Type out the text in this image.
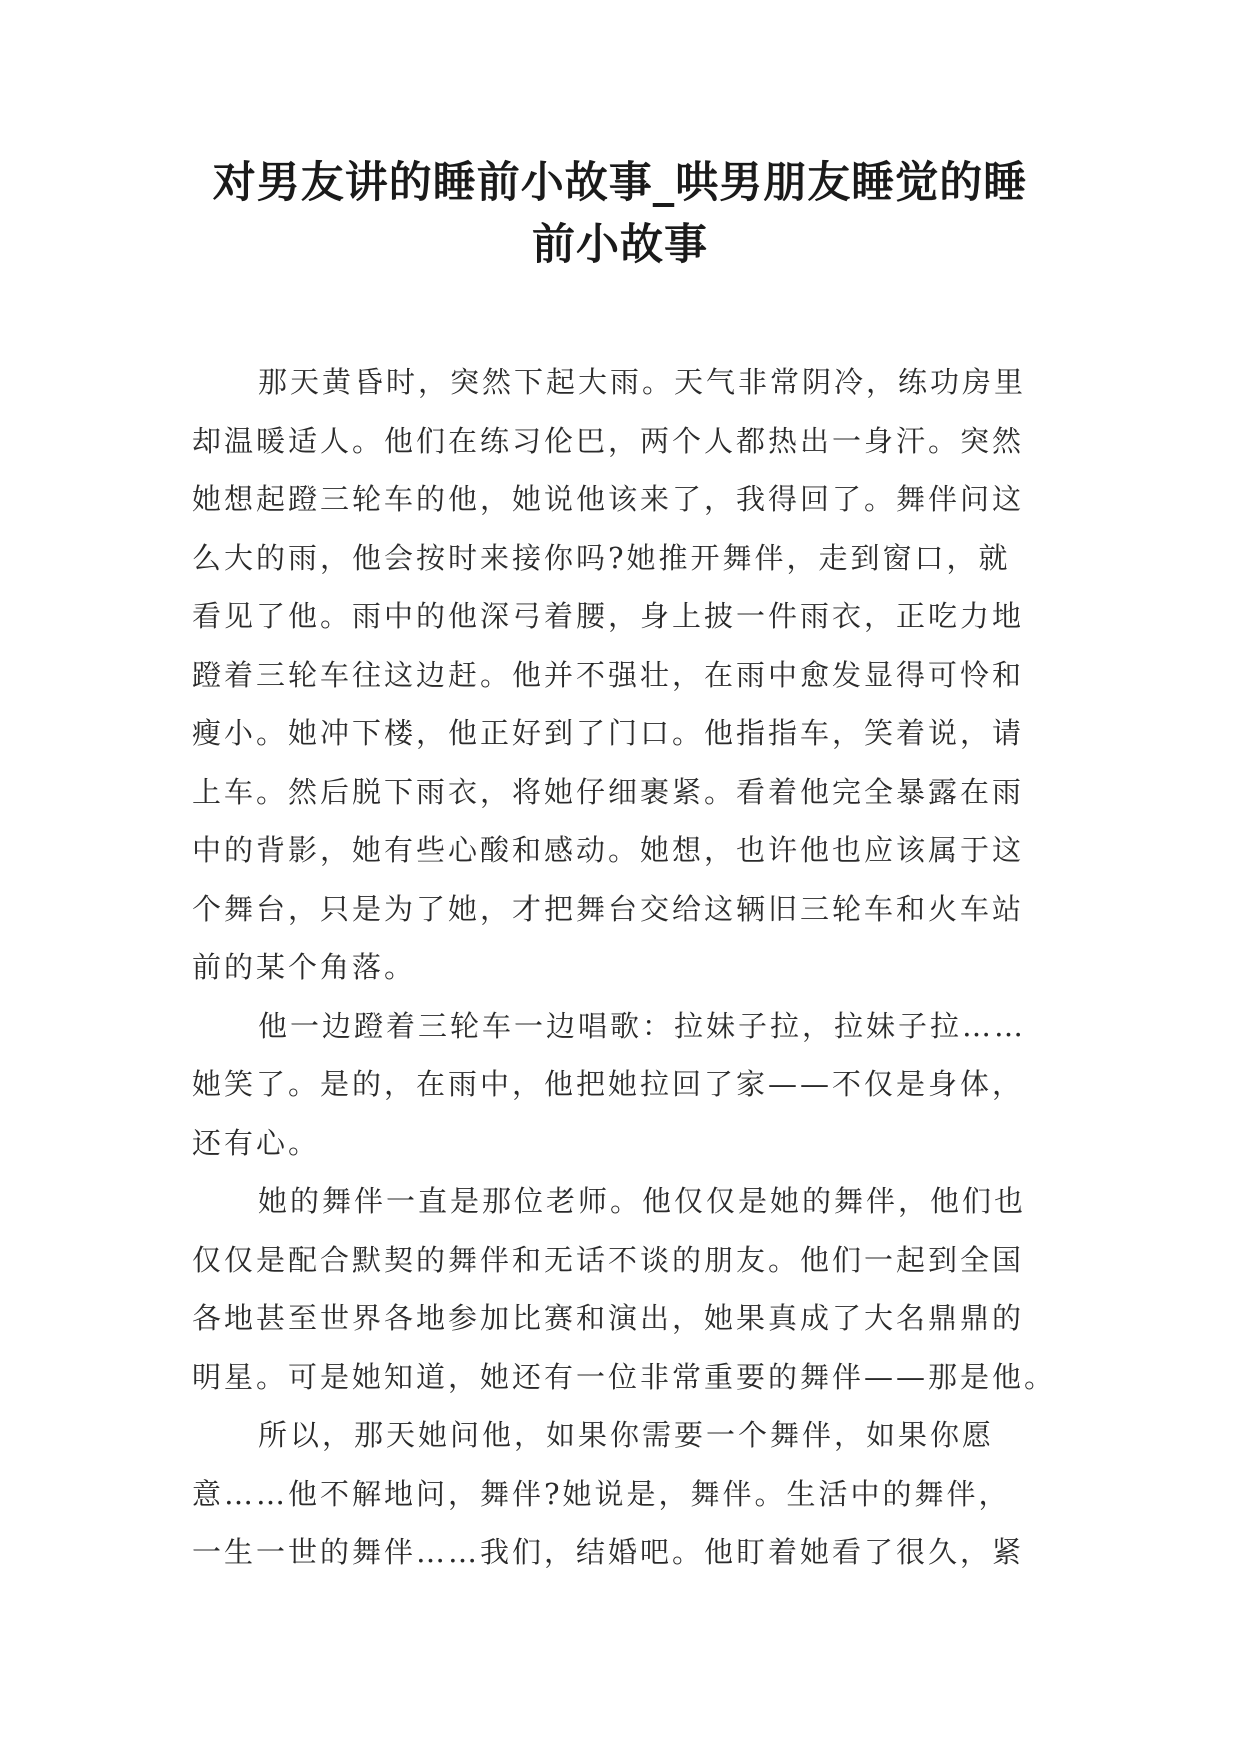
对男友讲的睡前小故事_哄男朋友睡觉的睡
前小故事

那天黄昏时，突然下起大雨。天气非常阴冷，练功房里
却温暖适人。他们在练习伦巴，两个人都热出一身汗。突然
她想起蹬三轮车的他，她说他该来了，我得回了。舞伴问这
么大的雨，他会按时来接你吗?她推开舞伴，走到窗口，就
看见了他。雨中的他深弓着腰，身上披一件雨衣，正吃力地
蹬着三轮车往这边赶。他并不强壮，在雨中愈发显得可怜和
瘦小。她冲下楼，他正好到了门口。他指指车，笑着说，请
上车。然后脱下雨衣，将她仔细裹紧。看着他完全暴露在雨
中的背影，她有些心酸和感动。她想，也许他也应该属于这
个舞台，只是为了她，才把舞台交给这辆旧三轮车和火车站
前的某个角落。

他一边蹬着三轮车一边唱歌：拉妹子拉，拉妹子拉……
她笑了。是的，在雨中，他把她拉回了家——不仅是身体，
还有心。

她的舞伴一直是那位老师。他仅仅是她的舞伴，他们也
仅仅是配合默契的舞伴和无话不谈的朋友。他们一起到全国
各地甚至世界各地参加比赛和演出，她果真成了大名鼎鼎的
明星。可是她知道，她还有一位非常重要的舞伴——那是他。

所以，那天她问他，如果你需要一个舞伴，如果你愿
意……他不解地问，舞伴?她说是，舞伴。生活中的舞伴，
一生一世的舞伴……我们，结婚吧。他盯着她看了很久，紧
